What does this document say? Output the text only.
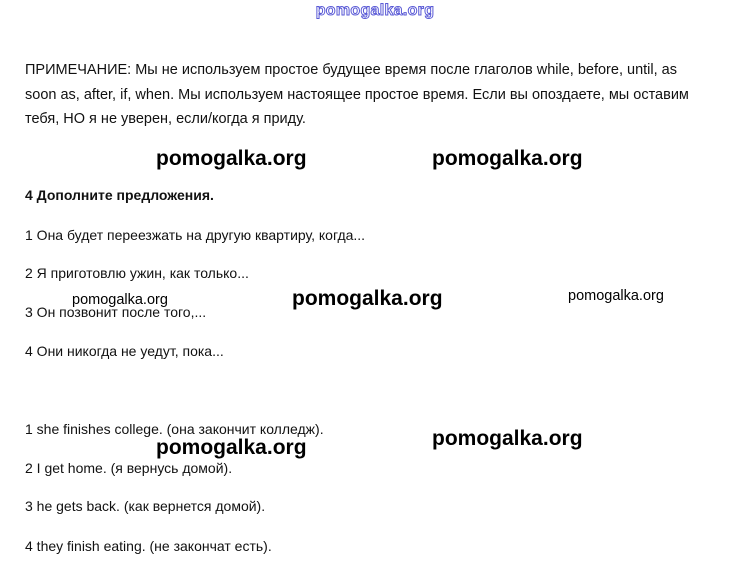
pomogalka.org
ПРИМЕЧАНИЕ: Мы не используем простое будущее время после глаголов while, before, until, as
soon as, after, if, when. Мы используем настоящее простое время. Если вы опоздаете, мы оставим
тебя, НО я не уверен, если/когда я приду.
pomogalka.org	pomogalka.org
4 Дополните предложения.
1 Она будет переезжать на другую квартиру, когда...
2 Я приготовлю ужин, как только...
3 Он позвонит после того,...
4 Они никогда не уедут, пока...
pomogalka.org	pomogalka.org	pomogalka.org
1 she finishes college. (она закончит колледж).
2 I get home. (я вернусь домой).
3 he gets back. (как вернется домой).
4 they finish eating. (не закончат есть).
pomogalka.org
pomogalka.org
